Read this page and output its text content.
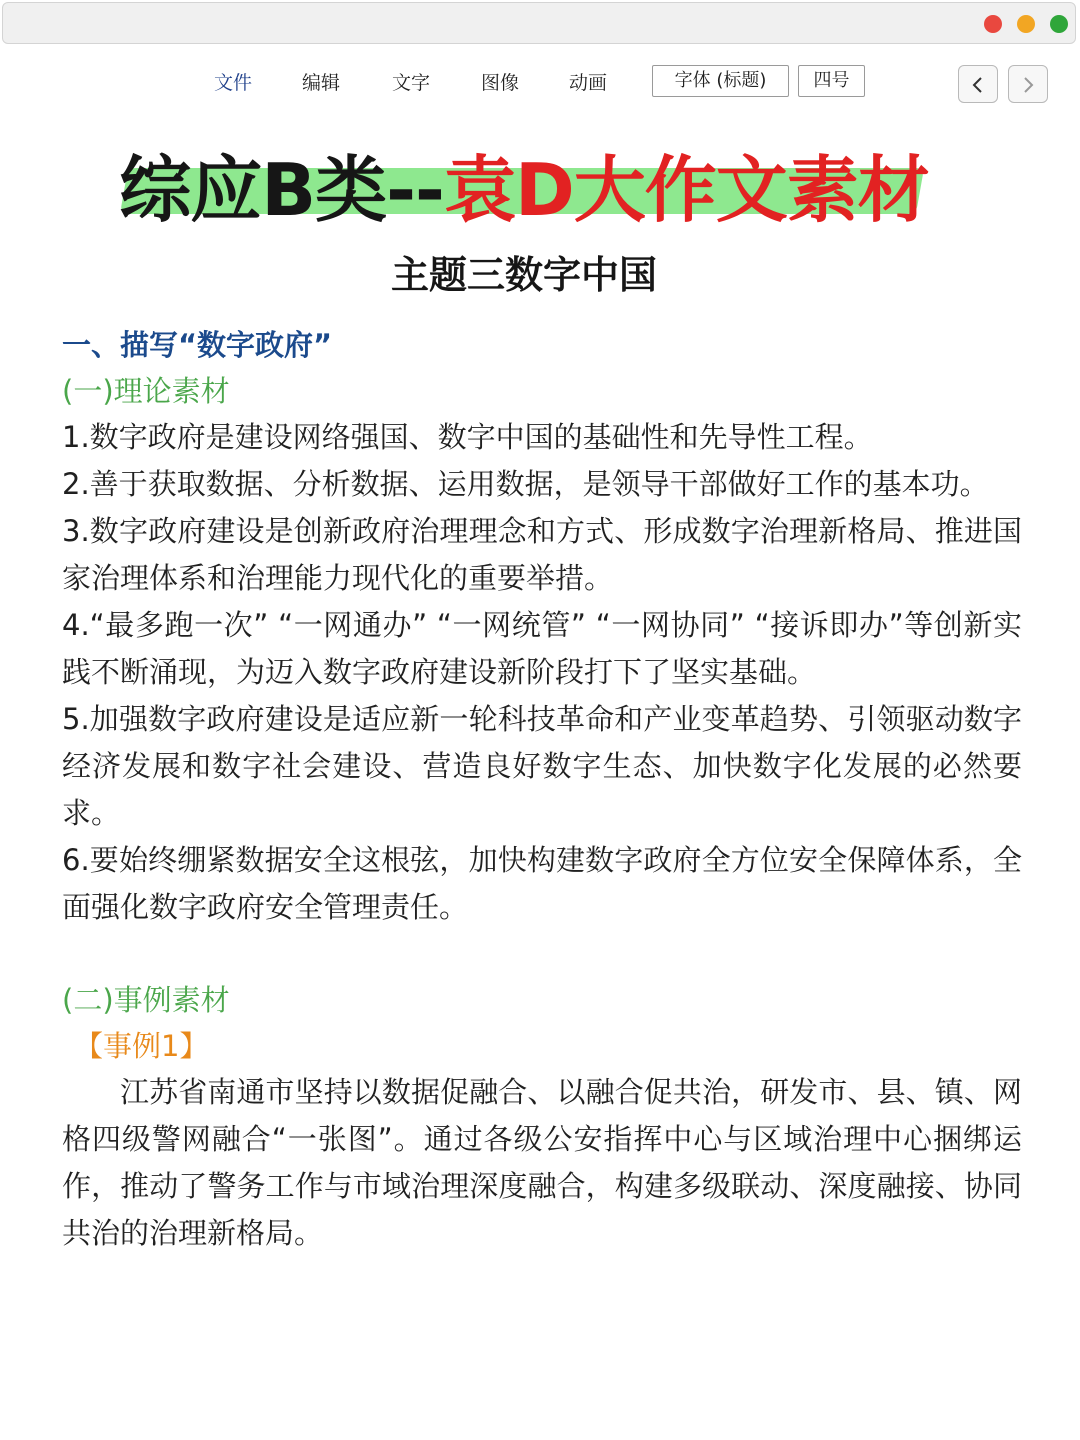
文件	编辑	文字	图像	动画	字体 (标题)	四号
综应B类--袁D大作文素材
主题三数字中国
一、描写“数字政府”
(一)理论素材
1.数字政府是建设网络强国、数字中国的基础性和先导性工程。
2.善于获取数据、分析数据、运用数据，是领导干部做好工作的基本功。
3.数字政府建设是创新政府治理理念和方式、形成数字治理新格局、推进国家治理体系和治理能力现代化的重要举措。
4.“最多跑一次” “一网通办” “一网统管” “一网协同” “接诉即办”等创新实践不断涌现，为迈入数字政府建设新阶段打下了坚实基础。
5.加强数字政府建设是适应新一轮科技革命和产业变革趋势、引领驱动数字经济发展和数字社会建设、营造良好数字生态、加快数字化发展的必然要求。
6.要始终绷紧数据安全这根弦，加快构建数字政府全方位安全保障体系，全面强化数字政府安全管理责任。
(二)事例素材
【事例1】
江苏省南通市坚持以数据促融合、以融合促共治，研发市、县、镇、网格四级警网融合“一张图”。通过各级公安指挥中心与区域治理中心捆绑运作，推动了警务工作与市域治理深度融合，构建多级联动、深度融接、协同共治的治理新格局。
